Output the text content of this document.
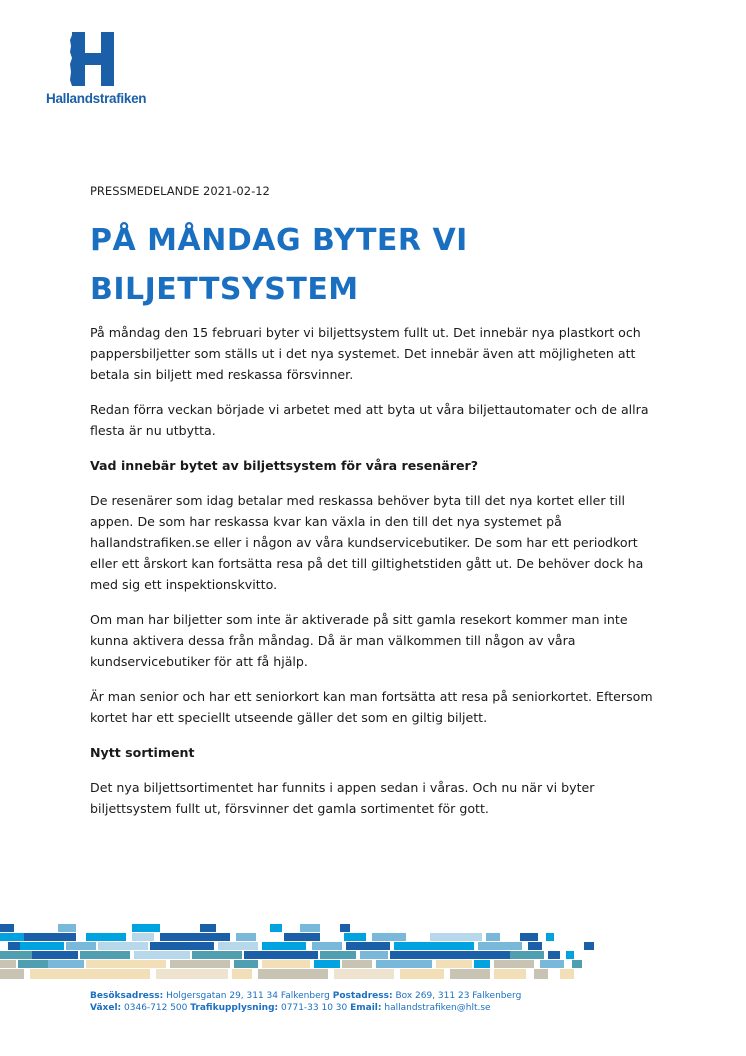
Hallandstrafiken
PRESSMEDELANDE 2021-02-12
PÅ MÅNDAG BYTER VI BILJETTSYSTEM

På måndag den 15 februari byter vi biljettsystem fullt ut. Det innebär nya plastkort och pappersbiljetter som ställs ut i det nya systemet. Det innebär även att möjligheten att betala sin biljett med reskassa försvinner.

Redan förra veckan började vi arbetet med att byta ut våra biljettautomater och de allra flesta är nu utbytta.

Vad innebär bytet av biljettsystem för våra resenärer?

De resenärer som idag betalar med reskassa behöver byta till det nya kortet eller till appen. De som har reskassa kvar kan växla in den till det nya systemet på hallandstrafiken.se eller i någon av våra kundservicebutiker. De som har ett periodkort eller ett årskort kan fortsätta resa på det till giltighetstiden gått ut. De behöver dock ha med sig ett inspektionskvitto.

Om man har biljetter som inte är aktiverade på sitt gamla resekort kommer man inte kunna aktivera dessa från måndag. Då är man välkommen till någon av våra kundservicebutiker för att få hjälp.

Är man senior och har ett seniorkort kan man fortsätta att resa på seniorkortet. Eftersom kortet har ett speciellt utseende gäller det som en giltig biljett.

Nytt sortiment

Det nya biljettsortimentet har funnits i appen sedan i våras. Och nu när vi byter biljettsystem fullt ut, försvinner det gamla sortimentet för gott.

Besöksadress: Holgersgatan 29, 311 34 Falkenberg Postadress: Box 269, 311 23 Falkenberg
Växel: 0346-712 500 Trafikupplysning: 0771-33 10 30 Email: hallandstrafiken@hlt.se
